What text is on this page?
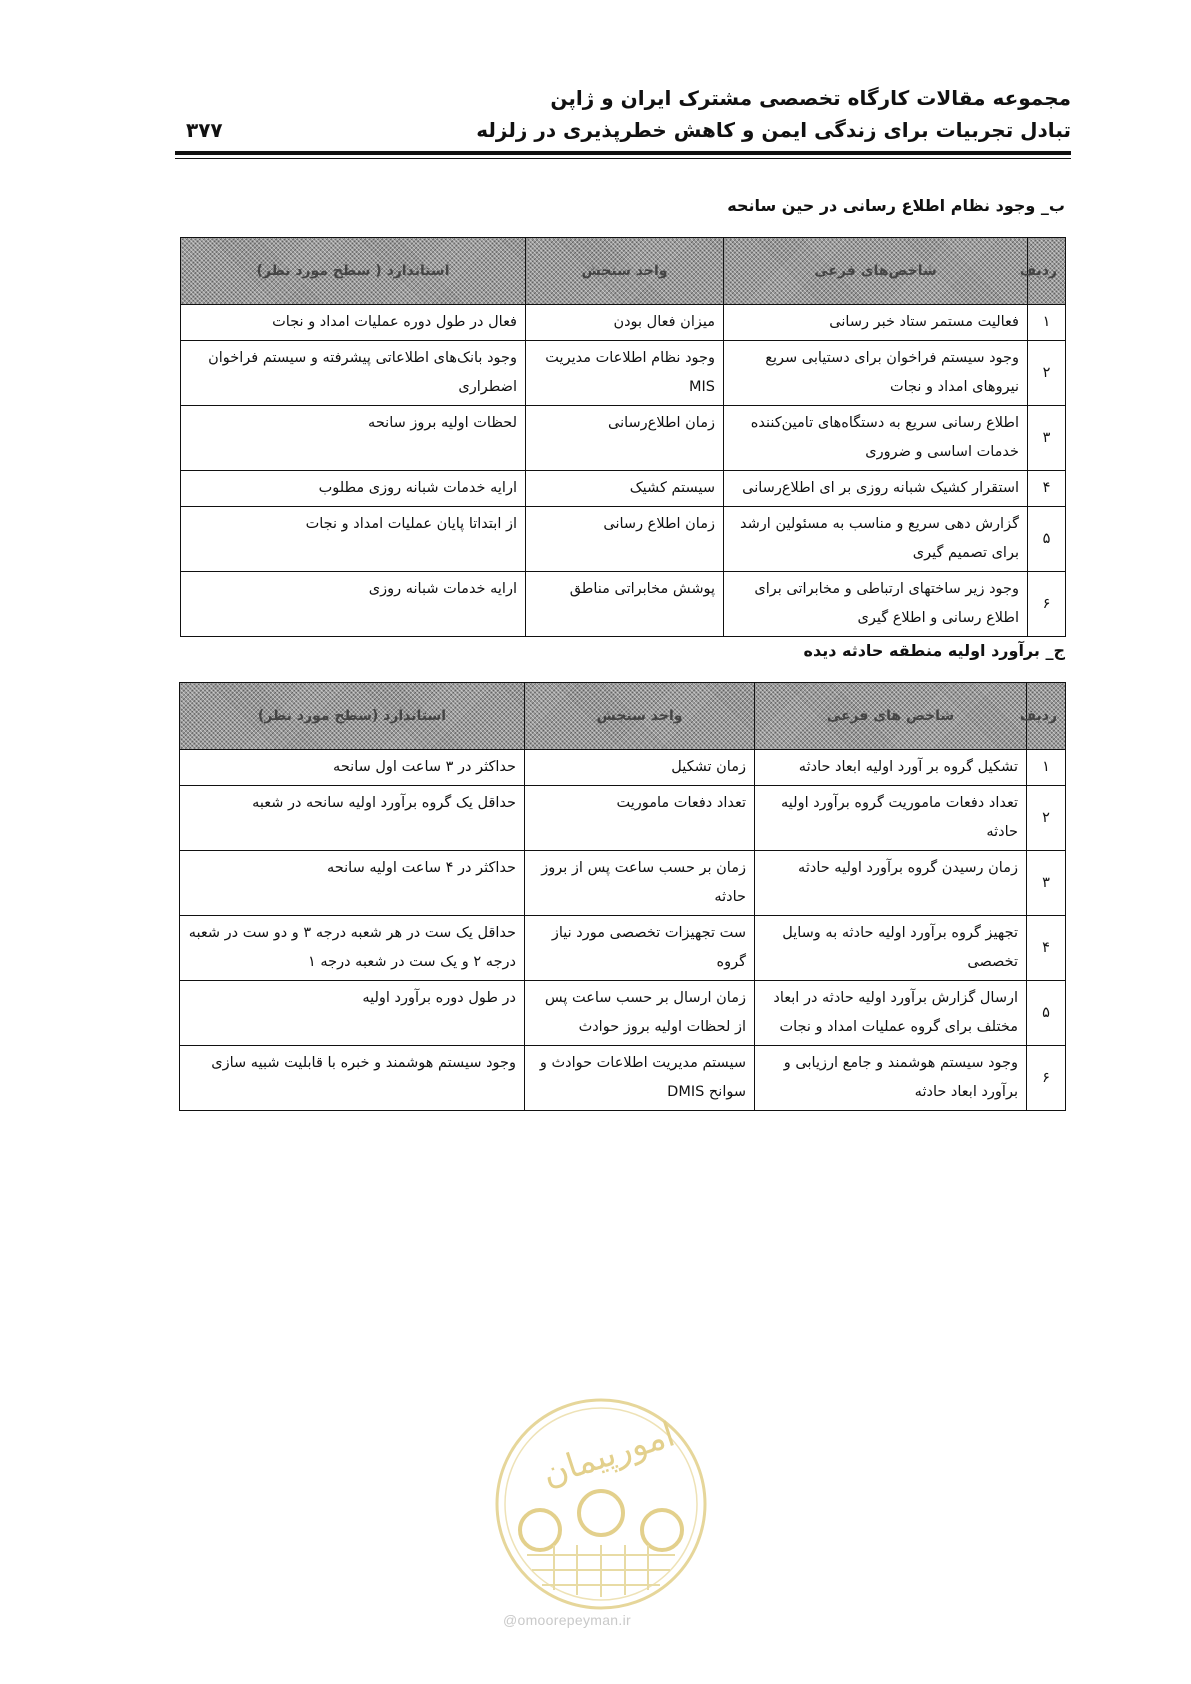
مجموعه مقالات کارگاه تخصصی مشترک ایران و ژاپن
تبادل تجربیات برای زندگی ایمن و کاهش خطرپذیری در زلزله
۳۷۷
ب_ وجود نظام اطلاع رسانی در حین سانحه
ردیف	شاخص‌های فرعی	واحد سنجش	استاندارد ( سطح مورد نظر)
۱	فعالیت مستمر ستاد خبر رسانی	میزان فعال بودن	فعال در طول دوره عملیات امداد و نجات
۲	وجود سیستم فراخوان برای دستیابی سریع نیروهای امداد و نجات	وجود نظام اطلاعات مدیریت MIS	وجود بانک‌های اطلاعاتی پیشرفته و سیستم فراخوان اضطراری
۳	اطلاع رسانی سریع به دستگاه‌های تامین‌کننده خدمات اساسی و ضروری	زمان اطلاع‌رسانی	لحظات اولیه بروز سانحه
۴	استقرار کشیک شبانه روزی بر ای اطلاع‌رسانی	سیستم کشیک	ارایه خدمات شبانه روزی مطلوب
۵	گزارش دهی سریع و مناسب به مسئولین ارشد برای تصمیم گیری	زمان اطلاع رسانی	از ابتداتا پایان عملیات امداد و نجات
۶	وجود زیر ساختهای ارتباطی و مخابراتی برای اطلاع رسانی و اطلاع گیری	پوشش مخابراتی مناطق	ارایه خدمات شبانه روزی
ج_ برآورد اولیه منطقه حادثه دیده
ردیف	شاخص های فرعی	واحد سنجش	استاندارد (سطح مورد نظر)
۱	تشکیل گروه بر آورد اولیه ابعاد حادثه	زمان تشکیل	حداکثر در ۳ ساعت اول سانحه
۲	تعداد دفعات ماموریت گروه برآورد اولیه حادثه	تعداد دفعات ماموریت	حداقل یک گروه برآورد اولیه سانحه در شعبه
۳	زمان رسیدن گروه برآورد اولیه حادثه	زمان بر حسب ساعت پس از بروز حادثه	حداکثر در ۴ ساعت اولیه سانحه
۴	تجهیز گروه برآورد اولیه حادثه به وسایل تخصصی	ست تجهیزات تخصصی مورد نیاز گروه	حداقل یک ست در هر شعبه درجه ۳ و دو ست در شعبه درجه ۲ و یک ست در شعبه درجه ۱
۵	ارسال گزارش برآورد اولیه حادثه در ابعاد مختلف برای گروه عملیات امداد و نجات	زمان ارسال بر حسب ساعت پس از لحظات اولیه بروز حوادث	در طول دوره برآورد اولیه
۶	وجود سیستم هوشمند و جامع ارزیابی و برآورد ابعاد حادثه	سیستم مدیریت اطلاعات حوادث و سوانح DMIS	وجود سیستم هوشمند و خبره با قابلیت شبیه سازی
امورپیمان
@omoorepeyman.ir
